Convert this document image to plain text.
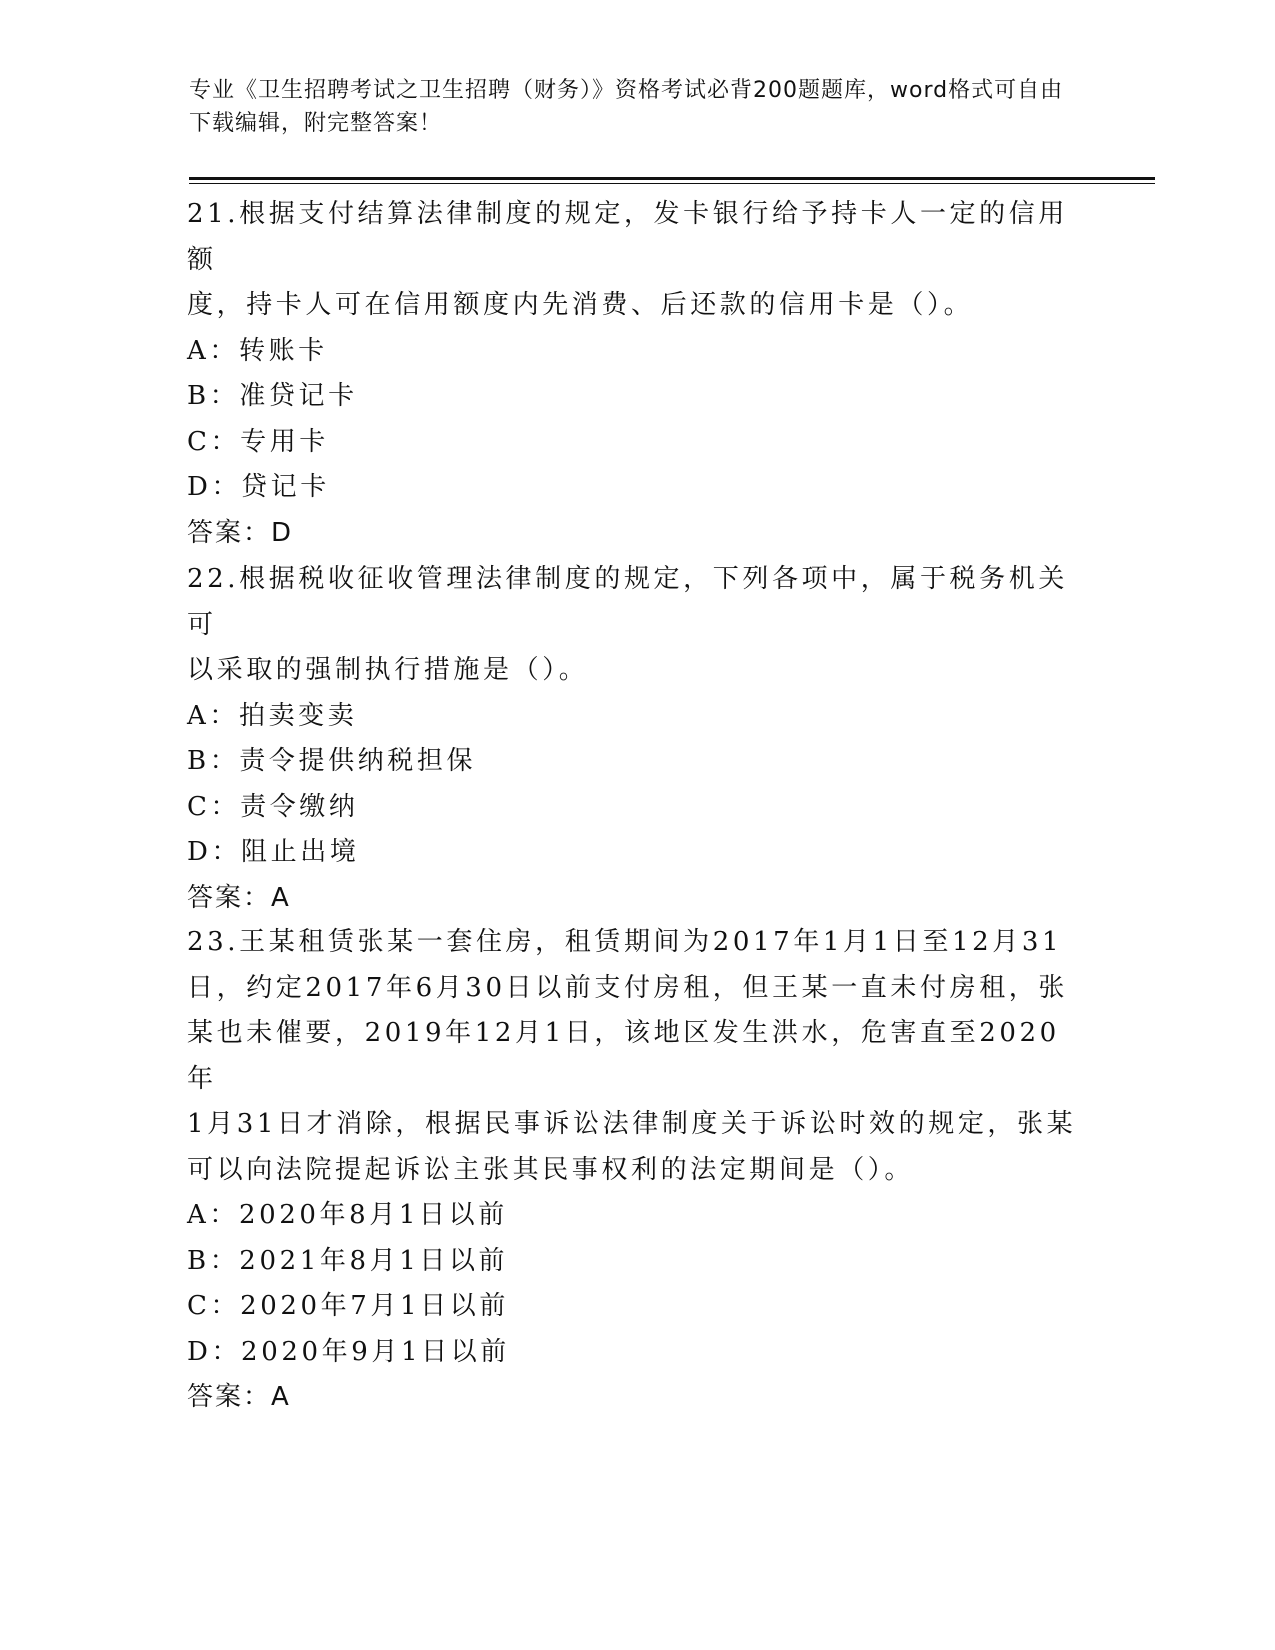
专业《卫生招聘考试之卫生招聘（财务）》资格考试必背200题题库，word格式可自由下载编辑，附完整答案！

21.根据支付结算法律制度的规定，发卡银行给予持卡人一定的信用额
度，持卡人可在信用额度内先消费、后还款的信用卡是（）。

A：转账卡
B：准贷记卡
C：专用卡
D：贷记卡

答案：D

22.根据税收征收管理法律制度的规定，下列各项中，属于税务机关可
以采取的强制执行措施是（）。

A：拍卖变卖
B：责令提供纳税担保
C：责令缴纳
D：阻止出境

答案：A

23.王某租赁张某一套住房，租赁期间为2017年1月1日至12月31
日，约定2017年6月30日以前支付房租，但王某一直未付房租，张
某也未催要，2019年12月1日，该地区发生洪水，危害直至2020年
1月31日才消除，根据民事诉讼法律制度关于诉讼时效的规定，张某
可以向法院提起诉讼主张其民事权利的法定期间是（）。

A：2020年8月1日以前
B：2021年8月1日以前
C：2020年7月1日以前
D：2020年9月1日以前

答案：A
